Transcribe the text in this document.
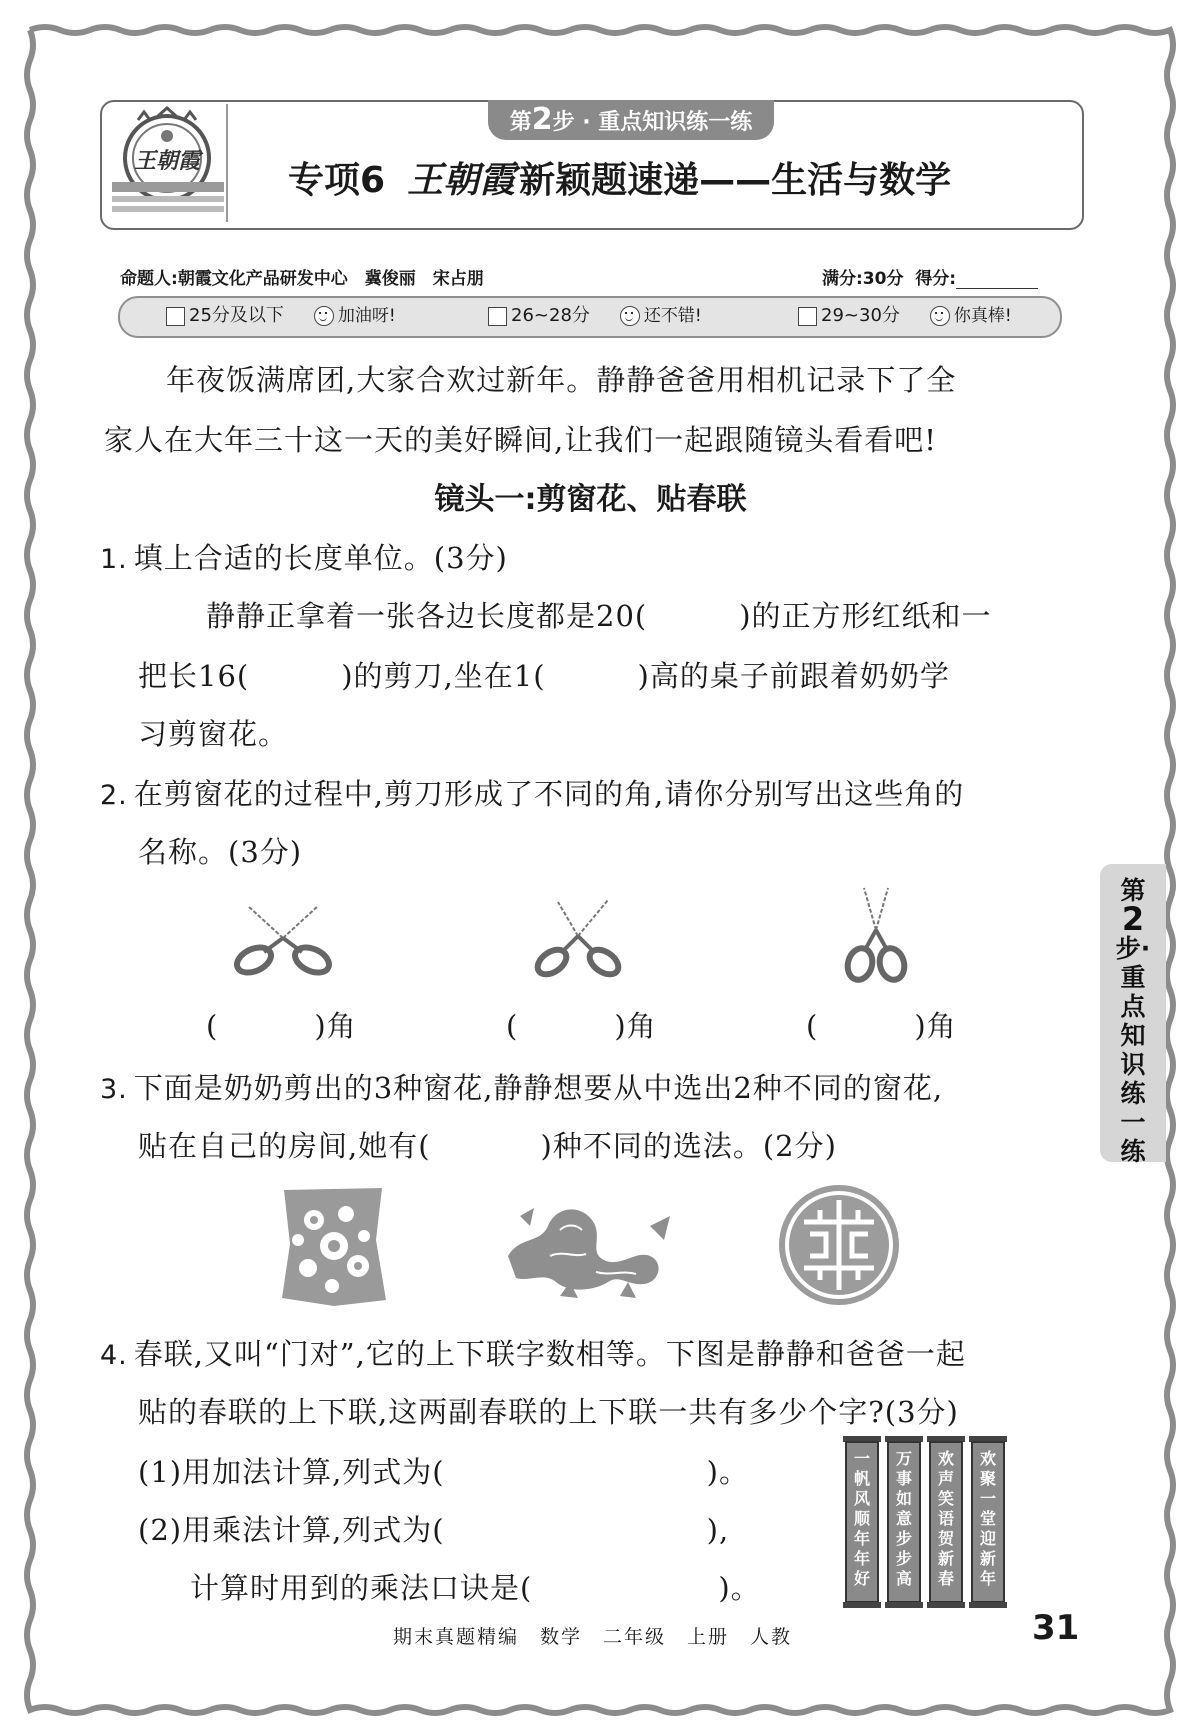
王朝霞
第2步 · 重点知识练一练
专项6 王朝霞 新颖题速递——生活与数学
命题人:朝霞文化产品研发中心　冀俊丽　宋占朋	满分:30分 得分:
25分及以下	加油呀!	26~28分	还不错!	29~30分	你真棒!
年夜饭满席团,大家合欢过新年。静静爸爸用相机记录下了全
家人在大年三十这一天的美好瞬间,让我们一起跟随镜头看看吧!
镜头一:剪窗花、贴春联
1. 填上合适的长度单位。(3分)
静静正拿着一张各边长度都是20(	)的正方形红纸和一
把长16(	)的剪刀,坐在1(	)高的桌子前跟着奶奶学
习剪窗花。
2. 在剪窗花的过程中,剪刀形成了不同的角,请你分别写出这些角的
名称。(3分)
(	)角	(	)角	(	)角
3. 下面是奶奶剪出的3种窗花,静静想要从中选出2种不同的窗花,
贴在自己的房间,她有(	)种不同的选法。(2分)
4. 春联,又叫“门对”,它的上下联字数相等。下图是静静和爸爸一起
贴的春联的上下联,这两副春联的上下联一共有多少个字?(3分)
(1)用加法计算,列式为(	)。
(2)用乘法计算,列式为(	),
计算时用到的乘法口诀是(	)。
一
帆
风
顺
年
年
好
万
事
如
意
步
步
高
欢
声
笑
语
贺
新
春
欢
聚
一
堂
迎
新
年
第
2
步·
重
点
知
识
练
一
练
期末真题精编　数学　二年级　上册　人教	31
